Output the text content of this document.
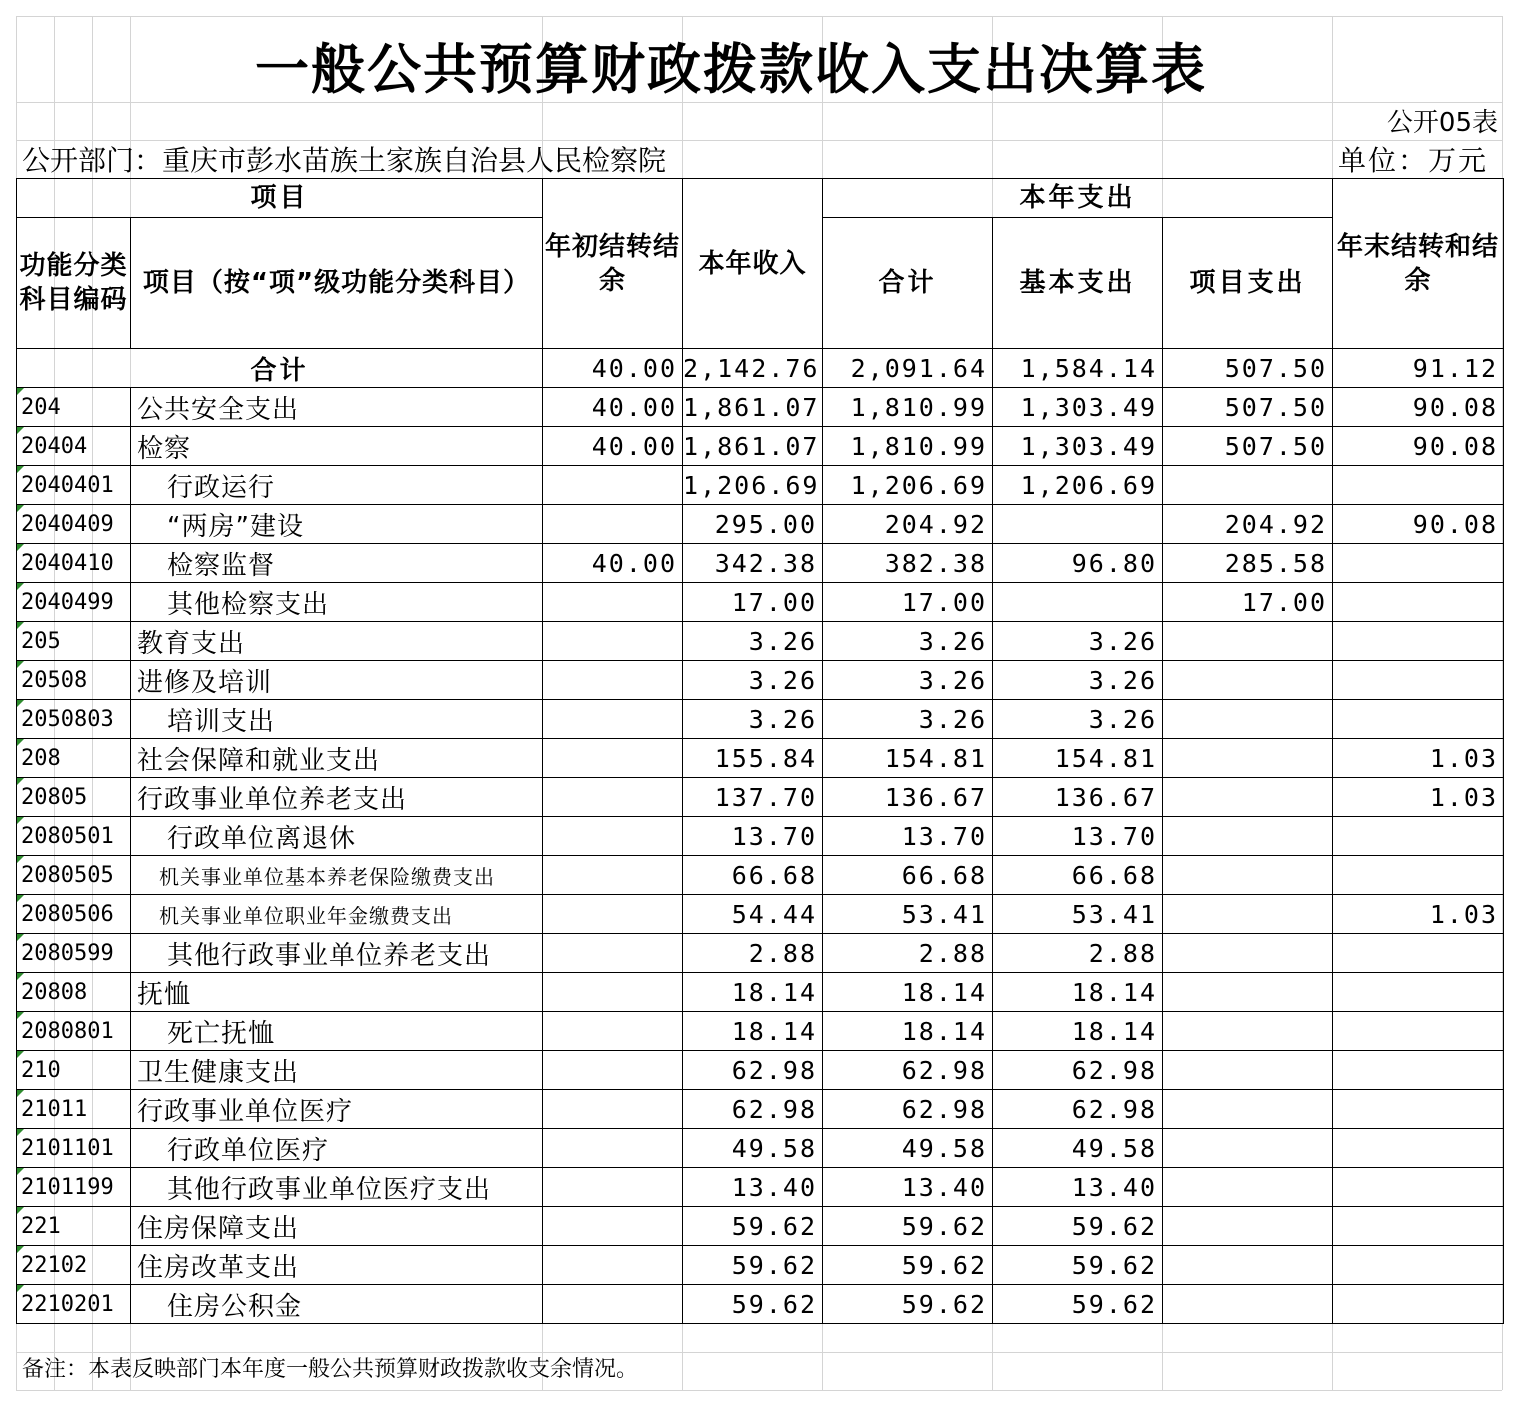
一般公共预算财政拨款收入支出决算表
公开05表
公开部门：重庆市彭水苗族土家族自治县人民检察院	单位：万元
项目		年初结转结余	本年收入	本年支出			年末结转和结余
功能分类科目编码	项目（按“项”级功能分类科目）			合计	基本支出	项目支出	
合计		40.00	2,142.76	2,091.64	1,584.14	507.50	91.12
204	公共安全支出	40.00	1,861.07	1,810.99	1,303.49	507.50	90.08
20404	检察	40.00	1,861.07	1,810.99	1,303.49	507.50	90.08
2040401	行政运行		1,206.69	1,206.69	1,206.69		
2040409	“两房”建设		295.00	204.92		204.92	90.08
2040410	检察监督	40.00	342.38	382.38	96.80	285.58	
2040499	其他检察支出		17.00	17.00		17.00	
205	教育支出		3.26	3.26	3.26		
20508	进修及培训		3.26	3.26	3.26		
2050803	培训支出		3.26	3.26	3.26		
208	社会保障和就业支出		155.84	154.81	154.81		1.03
20805	行政事业单位养老支出		137.70	136.67	136.67		1.03
2080501	行政单位离退休		13.70	13.70	13.70		
2080505	机关事业单位基本养老保险缴费支出		66.68	66.68	66.68		
2080506	机关事业单位职业年金缴费支出		54.44	53.41	53.41		1.03
2080599	其他行政事业单位养老支出		2.88	2.88	2.88		
20808	抚恤		18.14	18.14	18.14		
2080801	死亡抚恤		18.14	18.14	18.14		
210	卫生健康支出		62.98	62.98	62.98		
21011	行政事业单位医疗		62.98	62.98	62.98		
2101101	行政单位医疗		49.58	49.58	49.58		
2101199	其他行政事业单位医疗支出		13.40	13.40	13.40		
221	住房保障支出		59.62	59.62	59.62		
22102	住房改革支出		59.62	59.62	59.62		
2210201	住房公积金		59.62	59.62	59.62		
备注：本表反映部门本年度一般公共预算财政拨款收支余情况。
